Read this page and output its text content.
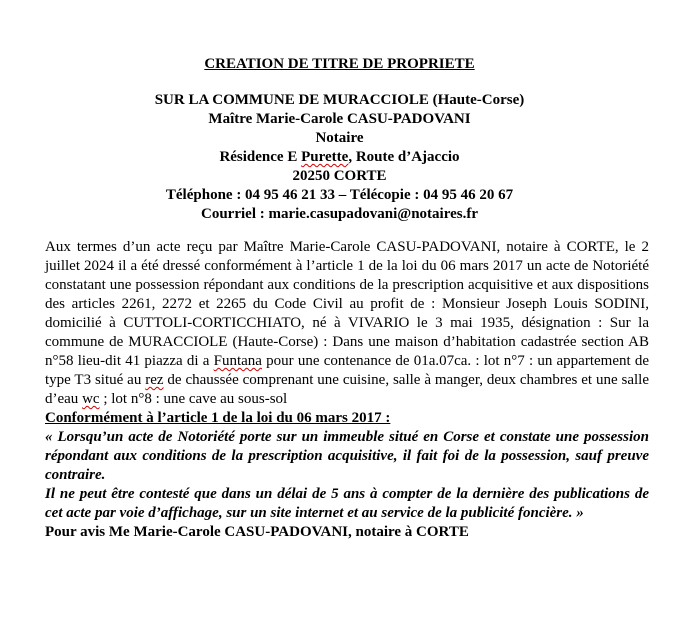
CREATION DE TITRE DE PROPRIETE
SUR LA COMMUNE DE MURACCIOLE (Haute-Corse)
Maître Marie-Carole CASU-PADOVANI
Notaire
Résidence E Purette, Route d’Ajaccio
20250 CORTE
Téléphone : 04 95 46 21 33 – Télécopie : 04 95 46 20 67
Courriel : marie.casupadovani@notaires.fr

Aux termes d’un acte reçu par Maître Marie-Carole CASU-PADOVANI, notaire à CORTE, le 2 juillet 2024 il a été dressé conformément à l’article 1 de la loi du 06 mars 2017 un acte de Notoriété constatant une possession répondant aux conditions de la prescription acquisitive et aux dispositions des articles 2261, 2272 et 2265 du Code Civil au profit de : Monsieur Joseph Louis SODINI, domicilié à CUTTOLI-CORTICCHIATO, né à VIVARIO le 3 mai 1935, désignation : Sur la commune de MURACCIOLE (Haute-Corse) : Dans une maison d’habitation cadastrée section AB n°58 lieu-dit 41 piazza di a Funtana pour une contenance de 01a.07ca. : lot n°7 : un appartement de type T3 situé au rez de chaussée comprenant une cuisine, salle à manger, deux chambres et une salle d’eau wc ; lot n°8 : une cave au sous-sol

Conformément à l’article 1 de la loi du 06 mars 2017 :

« Lorsqu’un acte de Notoriété porte sur un immeuble situé en Corse et constate une possession répondant aux conditions de la prescription acquisitive, il fait foi de la possession, sauf preuve contraire.

Il ne peut être contesté que dans un délai de 5 ans à compter de la dernière des publications de cet acte par voie d’affichage, sur un site internet et au service de la publicité foncière. »

Pour avis Me Marie-Carole CASU-PADOVANI, notaire à CORTE
